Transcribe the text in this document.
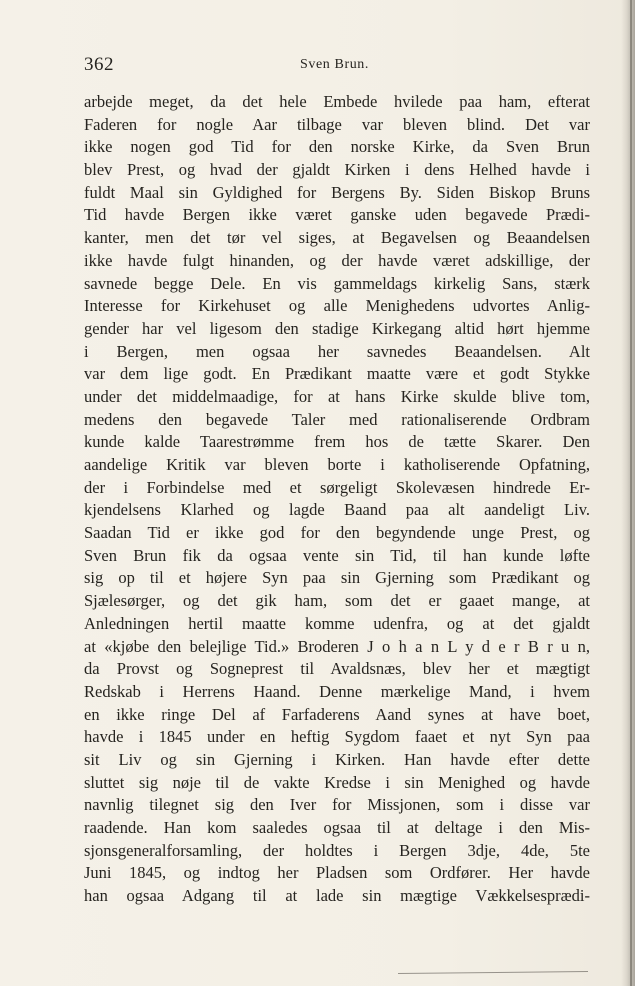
362	Sven Brun.
arbejde meget, da det hele Embede hvilede paa ham, efterat
Faderen for nogle Aar tilbage var bleven blind. Det var
ikke nogen god Tid for den norske Kirke, da Sven Brun
blev Prest, og hvad der gjaldt Kirken i dens Helhed havde i
fuldt Maal sin Gyldighed for Bergens By. Siden Biskop Bruns
Tid havde Bergen ikke været ganske uden begavede Prædi-
kanter, men det tør vel siges, at Begavelsen og Beaandelsen
ikke havde fulgt hinanden, og der havde været adskillige, der
savnede begge Dele. En vis gammeldags kirkelig Sans, stærk
Interesse for Kirkehuset og alle Menighedens udvortes Anlig-
gender har vel ligesom den stadige Kirkegang altid hørt hjemme
i Bergen, men ogsaa her savnedes Beaandelsen. Alt
var dem lige godt. En Prædikant maatte være et godt Stykke
under det middelmaadige, for at hans Kirke skulde blive tom,
medens den begavede Taler med rationaliserende Ordbram
kunde kalde Taarestrømme frem hos de tætte Skarer. Den
aandelige Kritik var bleven borte i katholiserende Opfatning,
der i Forbindelse med et sørgeligt Skolevæsen hindrede Er-
kjendelsens Klarhed og lagde Baand paa alt aandeligt Liv.
Saadan Tid er ikke god for den begyndende unge Prest, og
Sven Brun fik da ogsaa vente sin Tid, til han kunde løfte
sig op til et højere Syn paa sin Gjerning som Prædikant og
Sjælesørger, og det gik ham, som det er gaaet mange, at
Anledningen hertil maatte komme udenfra, og at det gjaldt
at «kjøbe den belejlige Tid.» Broderen J o h a n L y d e r B r u n,
da Provst og Sogneprest til Avaldsnæs, blev her et mægtigt
Redskab i Herrens Haand. Denne mærkelige Mand, i hvem
en ikke ringe Del af Farfaderens Aand synes at have boet,
havde i 1845 under en heftig Sygdom faaet et nyt Syn paa
sit Liv og sin Gjerning i Kirken. Han havde efter dette
sluttet sig nøje til de vakte Kredse i sin Menighed og havde
navnlig tilegnet sig den Iver for Missjonen, som i disse var
raadende. Han kom saaledes ogsaa til at deltage i den Mis-
sjonsgeneralforsamling, der holdtes i Bergen 3dje, 4de, 5te
Juni 1845, og indtog her Pladsen som Ordfører. Her havde
han ogsaa Adgang til at lade sin mægtige Vækkelsesprædi-
